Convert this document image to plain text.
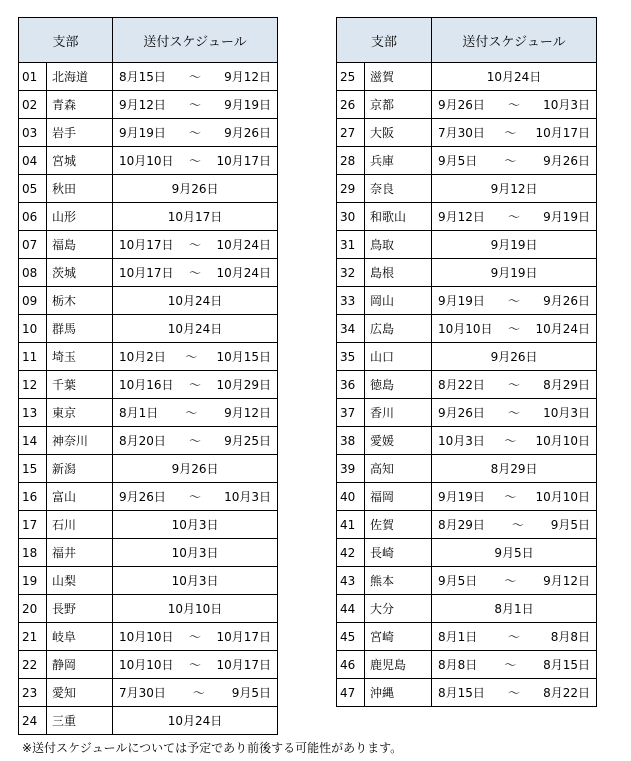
支部		送付スケジュール
01	北海道	8月15日 ～ 9月12日

02	青森	9月12日 ～ 9月19日

03	岩手	9月19日 ～ 9月26日

04	宮城	10月10日 ～ 10月17日

05	秋田	9月26日
06	山形	10月17日
07	福島	10月17日 ～ 10月24日

08	茨城	10月17日 ～ 10月24日

09	栃木	10月24日
10	群馬	10月24日
11	埼玉	10月2日 ～ 10月15日

12	千葉	10月16日 ～ 10月29日

13	東京	8月1日 ～ 9月12日

14	神奈川	8月20日 ～ 9月25日

15	新潟	9月26日
16	富山	9月26日 ～ 10月3日

17	石川	10月3日
18	福井	10月3日
19	山梨	10月3日
20	長野	10月10日
21	岐阜	10月10日 ～ 10月17日

22	静岡	10月10日 ～ 10月17日

23	愛知	7月30日 ～ 9月5日

24	三重	10月24日
支部		送付スケジュール
25	滋賀	10月24日
26	京都	9月26日 ～ 10月3日

27	大阪	7月30日 ～ 10月17日

28	兵庫	9月5日 ～ 9月26日

29	奈良	9月12日
30	和歌山	9月12日 ～ 9月19日

31	鳥取	9月19日
32	島根	9月19日
33	岡山	9月19日 ～ 9月26日

34	広島	10月10日 ～ 10月24日

35	山口	9月26日
36	徳島	8月22日 ～ 8月29日

37	香川	9月26日 ～ 10月3日

38	愛媛	10月3日 ～ 10月10日

39	高知	8月29日
40	福岡	9月19日 ～ 10月10日

41	佐賀	8月29日 ～ 9月5日

42	長崎	9月5日
43	熊本	9月5日 ～ 9月12日

44	大分	8月1日
45	宮崎	8月1日 ～ 8月8日

46	鹿児島	8月8日 ～ 8月15日

47	沖縄	8月15日 ～ 8月22日
※送付スケジュールについては予定であり前後する可能性があります。
